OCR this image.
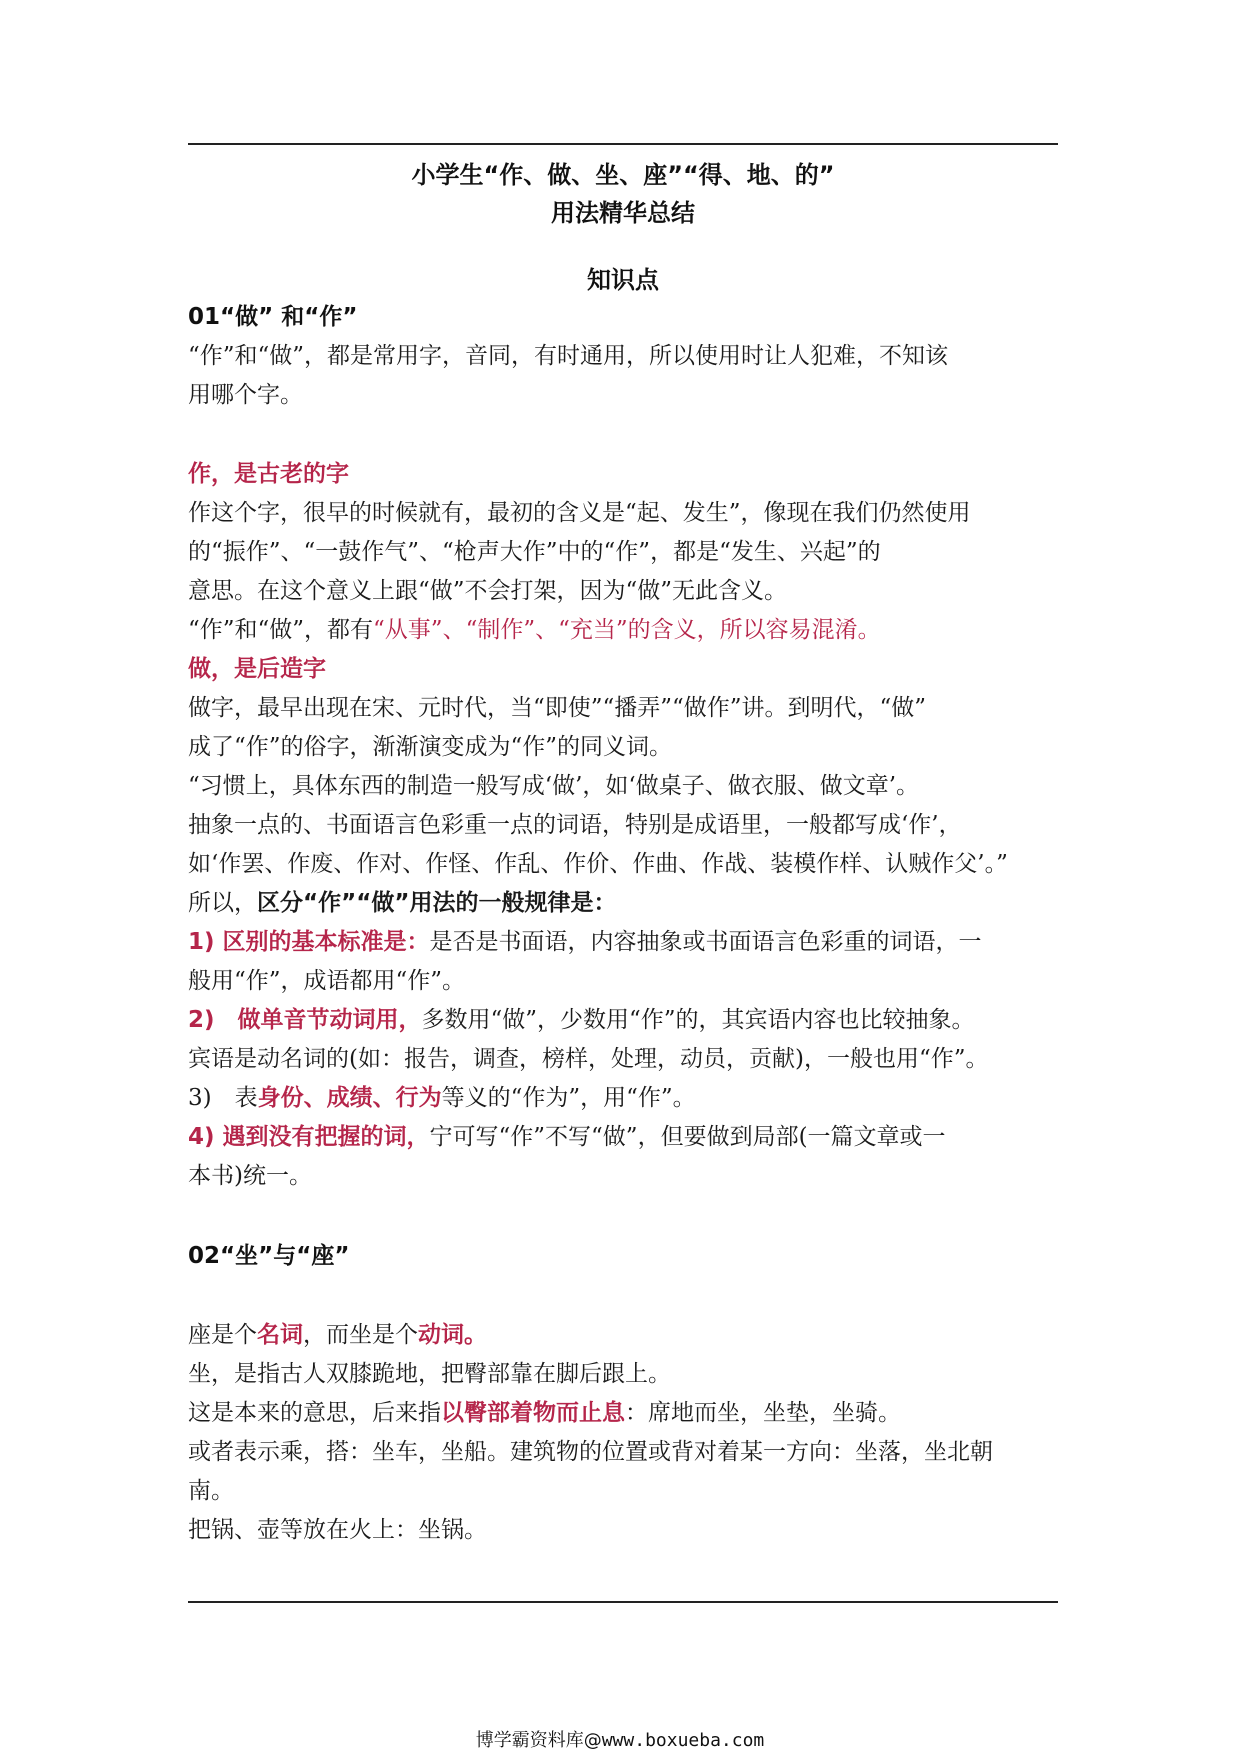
小学生“作、做、坐、座”“得、地、的”
用法精华总结
知识点
01“做” 和“作”
“作”和“做”，都是常用字，音同，有时通用，所以使用时让人犯难，不知该
用哪个字。
作，是古老的字
作这个字，很早的时候就有，最初的含义是“起、发生”，像现在我们仍然使用
的“振作”、“一鼓作气”、“枪声大作”中的“作”，都是“发生、兴起”的
意思。在这个意义上跟“做”不会打架，因为“做”无此含义。
“作”和“做”，都有“从事”、“制作”、“充当”的含义，所以容易混淆。
做，是后造字
做字，最早出现在宋、元时代，当“即使”“播弄”“做作”讲。到明代，“做”
成了“作”的俗字，渐渐演变成为“作”的同义词。
“习惯上，具体东西的制造一般写成‘做’，如‘做桌子、做衣服、做文章’。
抽象一点的、书面语言色彩重一点的词语，特别是成语里，一般都写成‘作’，
如‘作罢、作废、作对、作怪、作乱、作价、作曲、作战、装模作样、认贼作父’。”
所以，区分“作”“做”用法的一般规律是：
1) 区别的基本标准是：是否是书面语，内容抽象或书面语言色彩重的词语，一
般用“作”，成语都用“作”。
2)　做单音节动词用，多数用“做”，少数用“作”的，其宾语内容也比较抽象。
宾语是动名词的(如：报告，调查，榜样，处理，动员，贡献)，一般也用“作”。
3)　表身份、成绩、行为等义的“作为”，用“作”。
4) 遇到没有把握的词，宁可写“作”不写“做”，但要做到局部(一篇文章或一
本书)统一。
02“坐”与“座”
座是个名词，而坐是个动词。
坐，是指古人双膝跪地，把臀部靠在脚后跟上。
这是本来的意思，后来指以臀部着物而止息：席地而坐，坐垫，坐骑。
或者表示乘，搭：坐车，坐船。建筑物的位置或背对着某一方向：坐落，坐北朝
南。
把锅、壶等放在火上：坐锅。
博学霸资料库@www.boxueba.com
